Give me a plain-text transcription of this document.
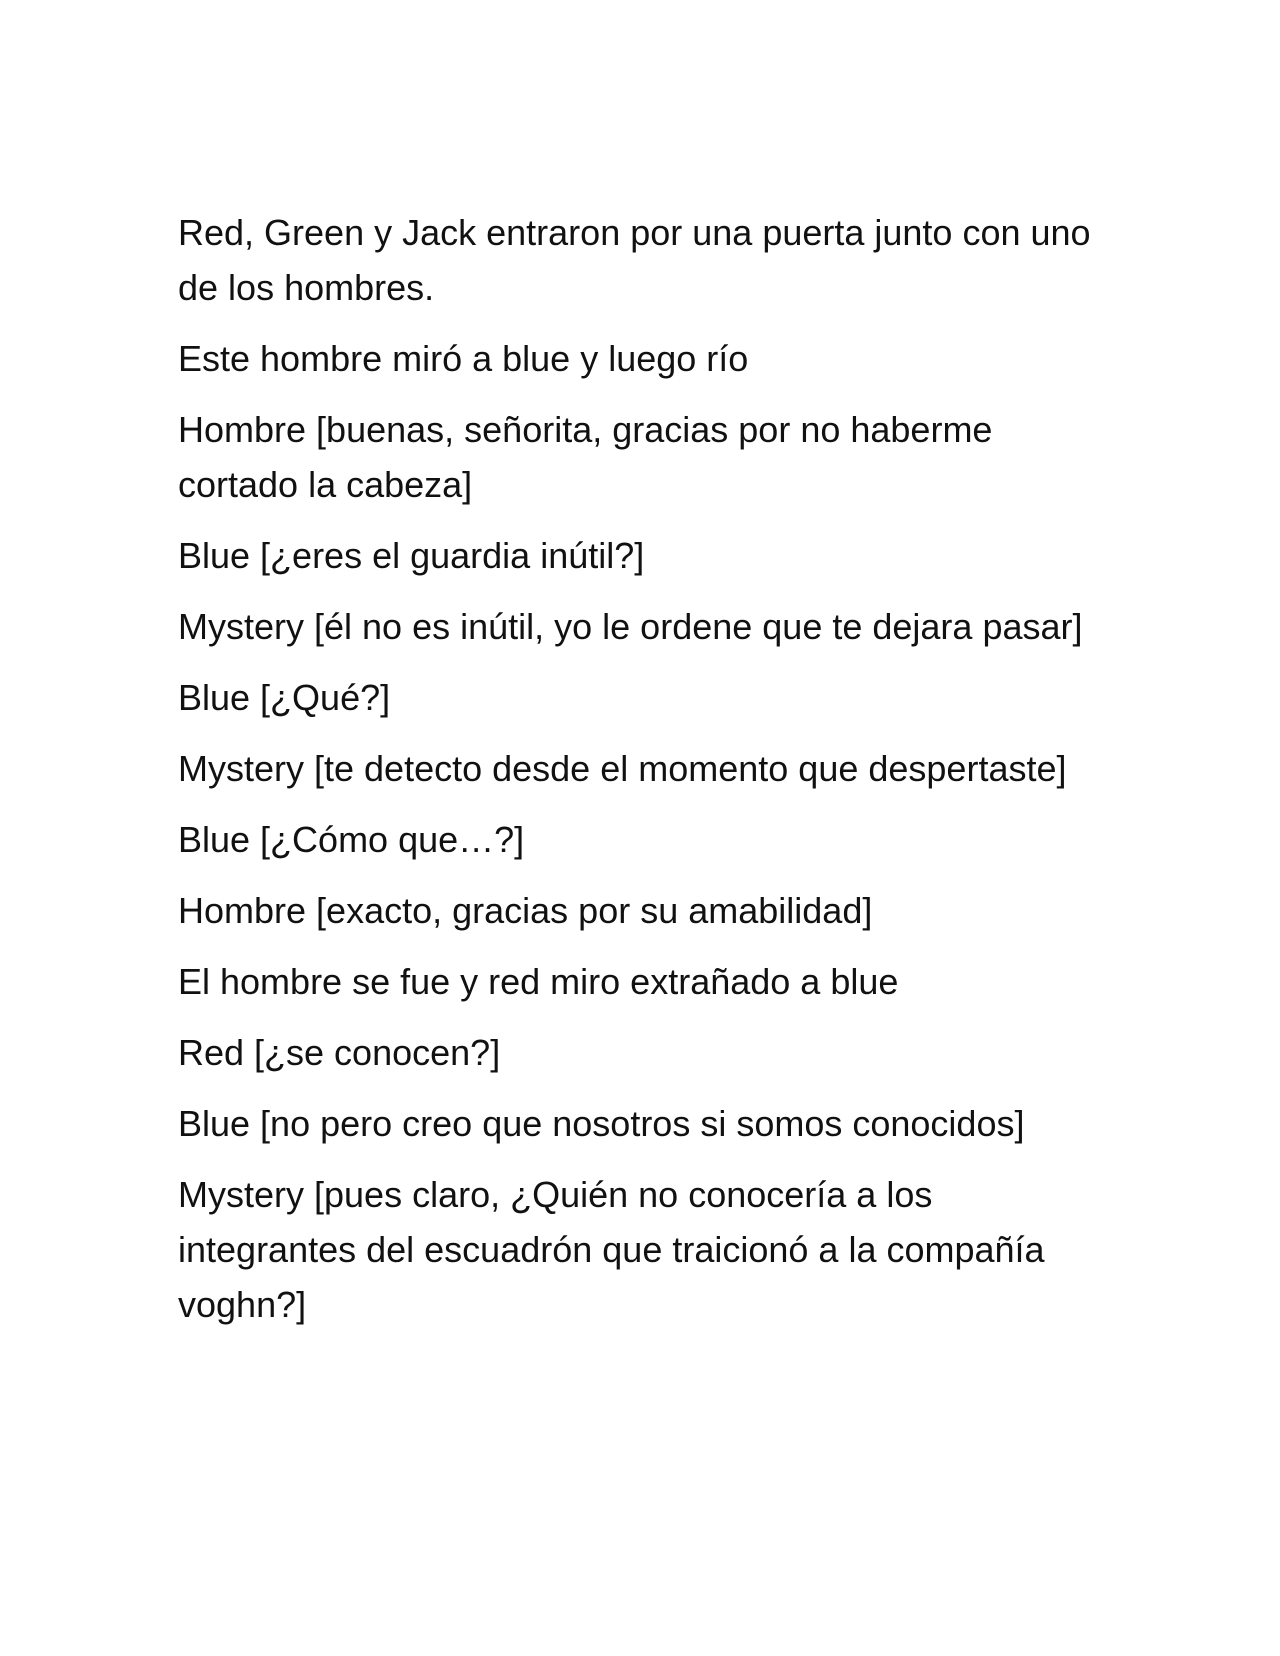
Red, Green y Jack entraron por una puerta junto con uno de los hombres.

Este hombre miró a blue y luego río

Hombre [buenas, señorita, gracias por no haberme cortado la cabeza]

Blue [¿eres el guardia inútil?]

Mystery [él no es inútil, yo le ordene que te dejara pasar]

Blue [¿Qué?]

Mystery [te detecto desde el momento que despertaste]

Blue [¿Cómo que…?]

Hombre [exacto, gracias por su amabilidad]

El hombre se fue y red miro extrañado a blue

Red [¿se conocen?]

Blue [no pero creo que nosotros si somos conocidos]

Mystery [pues claro, ¿Quién no conocería a los integrantes del escuadrón que traicionó a la compañía voghn?]
